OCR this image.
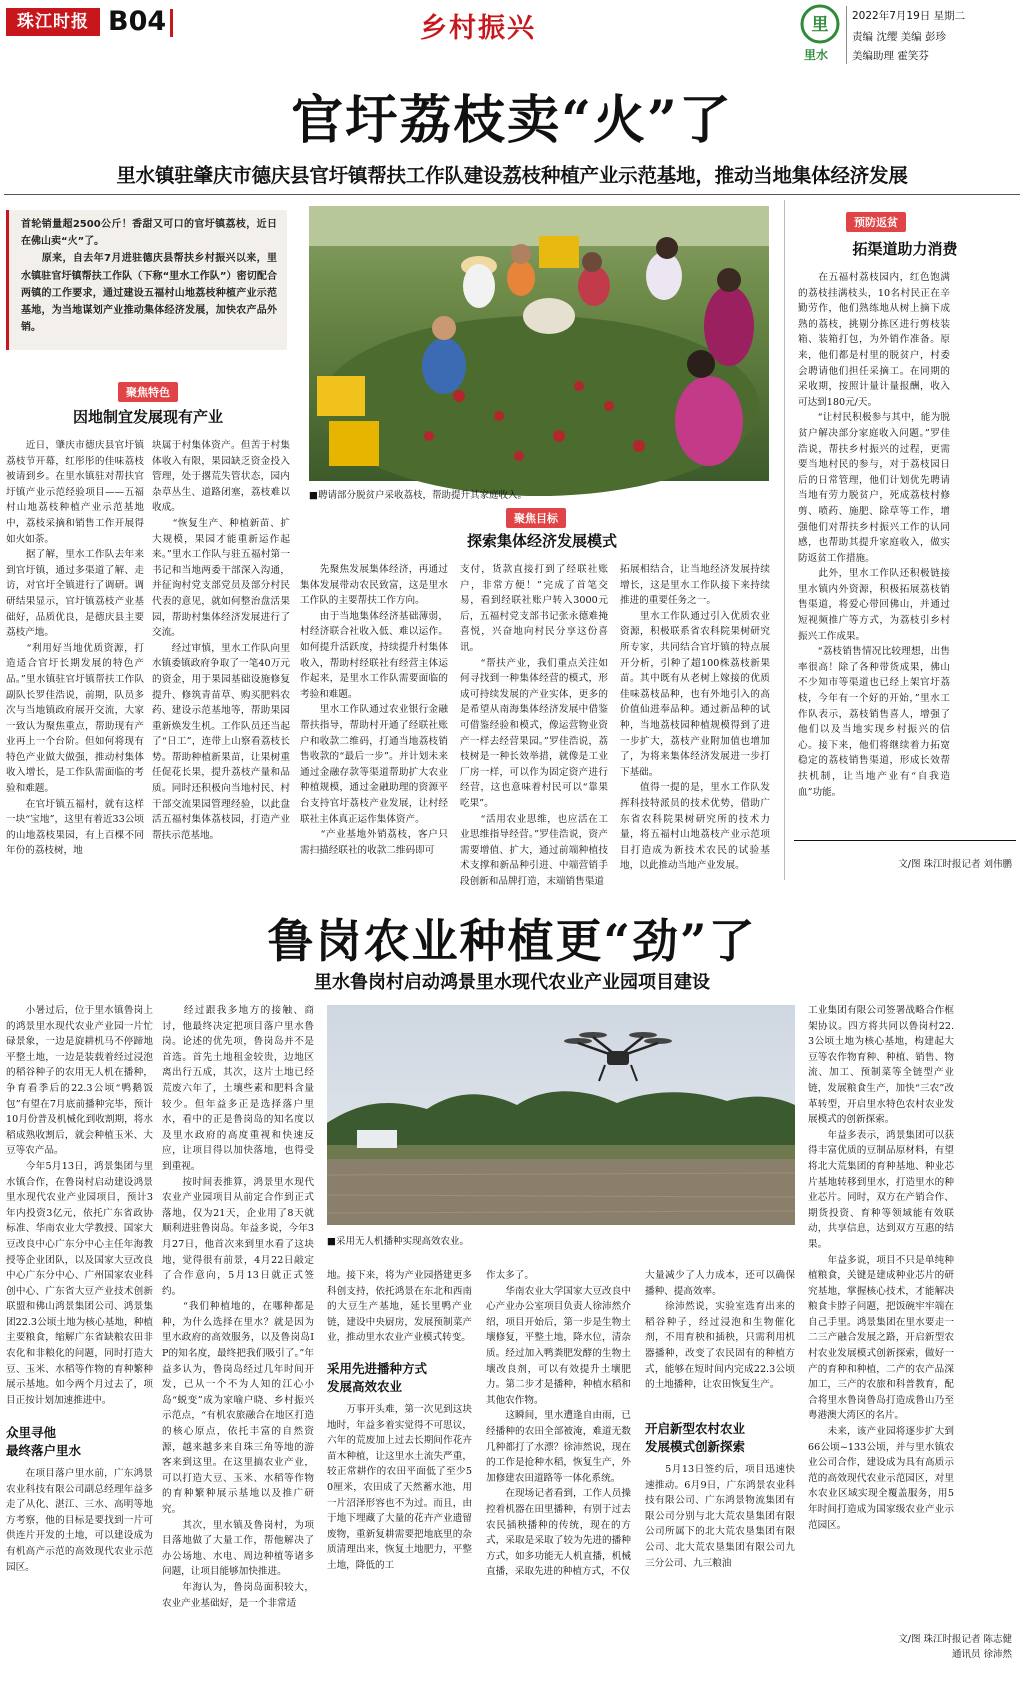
珠江时报 B04	乡村振兴	里
里水
2022年7月19日 星期二
责编 沈缨 美编 彭珍
美编助理 霍笑芬
官圩荔枝卖“火”了
里水镇驻肇庆市德庆县官圩镇帮扶工作队建设荔枝种植产业示范基地，推动当地集体经济发展
首轮销量超2500公斤！香甜又可口的官圩镇荔枝，近日在佛山卖“火”了。
　　原来，自去年7月进驻德庆县帮扶乡村振兴以来，里水镇驻官圩镇帮扶工作队（下称“里水工作队”）密切配合两镇的工作要求，通过建设五福村山地荔枝种植产业示范基地，为当地谋划产业推动集体经济发展，加快农产品外销。
■聘请部分脱贫户采收荔枝，帮助提升其家庭收入。
聚焦特色
因地制宜发展现有产业
　　近日，肇庆市德庆县官圩镇荔枝节开幕，红彤彤的佳味荔枝被请到乡。在里水镇驻对帮扶官圩镇产业示范经验项目——五福村山地荔枝种植产业示范基地中，荔枝采摘和销售工作开展得如火如荼。
　　据了解，里水工作队去年来到官圩镇，通过多渠道了解、走访，对官圩全镇进行了调研。调研结果显示，官圩镇荔枝产业基础好，品质优良，是德庆县主要荔枝产地。
　　“利用好当地优质资源，打造适合官圩长期发展的特色产品。”里水镇驻官圩镇帮扶工作队副队长罗佳浩说，前期，队员多次与当地镇政府展开交流，大家一致认为聚焦重点，帮助现有产业再上一个台阶。但如何将现有特色产业做大做强，推动村集体收入增长，是工作队需面临的考验和难题。
　　在官圩镇五福村，就有这样一块“宝地”，这里有着近33公顷的山地荔枝果园，有上百棵不同年份的荔枝树，地
块属于村集体资产。但苦于村集体收入有限，果园缺乏资金投入管理，处于撂荒失管状态，园内杂草丛生、道路闭塞，荔枝难以收成。
　　“恢复生产、种植新苗、扩大规模，果园才能重新运作起来。”里水工作队与驻五福村第一书记和当地两委干部深入沟通，并征询村党支部党员及部分村民代表的意见，就如何整治盘活果园，帮助村集体经济发展进行了交流。
　　经过审慎，里水工作队向里水镇委镇政府争取了一笔40万元的资金，用于果园基础设施修复提升、修筑青苗草、购买肥料农药、建设示范基地等，帮助果园重新焕发生机。工作队员还当起了“日工”，连带上山察看荔枝长势。帮助种植新果苗，让果树重任促花长果，提升荔枝产量和品质。同时还积极向当地村民、村干部交流果园管理经验，以此盘活五福村集体荔枝园，打造产业帮扶示范基地。
聚焦目标
探索集体经济发展模式
　　先聚焦发展集体经济，再通过集体发展带动农民致富，这是里水工作队的主要帮扶工作方向。
　　由于当地集体经济基础薄弱，村经济联合社收入低、难以运作。如何提升活跃度，持续提升村集体收入，帮助村经联社有经营主体运作起来，是里水工作队需要面临的考验和难题。
　　里水工作队通过农业银行金融帮扶指导，帮助村开通了经联社账户和收款二维码，打通当地荔枝销售收款的“最后一步”。并计划未来通过金融存款等渠道帮助扩大农业种植规模，通过金融助理的资源平台支持官圩荔枝产业发展，让村经联社主体真正运作集体资产。
　　“产业基地外销荔枝，客户只需扫描经联社的收款二维码即可
支付，货款直接打到了经联社账户，非常方便！”完成了首笔交易，看到经联社账户转入3000元后，五福村党支部书记张永德难掩喜悦，兴奋地向村民分享这份喜讯。
　　“帮扶产业，我们重点关注如何寻找到一种集体经营的模式，形成可持续发展的产业实体，更多的是希望从南海集体经济发展中借鉴可借鉴经验和模式，像运营物业资产一样去经营果园。”罗佳浩说，荔枝树是一种长效举措，就像是工业厂房一样，可以作为固定资产进行经营，这也意味着村民可以“靠果吃果”。
　　“活用农业思维，也应活在工业思维指导经营。”罗佳浩说，资产需要增值、扩大，通过前端种植技术支撑和新品种引进、中端营销手段创新和品牌打造，末端销售渠道
拓展相结合，让当地经济发展持续增长，这是里水工作队接下来持续推进的重要任务之一。
　　里水工作队通过引入优质农业资源，积极联系省农科院果树研究所专家，共同结合官圩镇的特点展开分析，引种了超100株荔枝新果苗。其中既有从老树上嫁接的优质佳味荔枝品种，也有外地引入的高价值仙进奉品种。通过新品种的试种，当地荔枝园种植规模得到了进一步扩大，荔枝产业附加值也增加了，为将来集体经济发展进一步打下基础。
　　值得一提的是，里水工作队发挥科技特派员的技术优势，借助广东省农科院果树研究所的技术力量，将五福村山地荔枝产业示范项目打造成为新技术农民的试验基地，以此推动当地产业发展。
预防返贫
拓渠道助力消费
　　在五福村荔枝园内，红色饱满的荔枝挂满枝头，10名村民正在辛勤劳作，他们熟练地从树上摘下成熟的荔枝，挑剔分拣区进行剪枝装箱、装箱打包，为外销作准备。原来，他们都是村里的脱贫户，村委会聘请他们担任采摘工。在同期的采收期，按照计量计量报酬，收入可达到180元/天。
　　“让村民积极参与其中，能为脱贫户解决部分家庭收入问题。”罗佳浩说，帮扶乡村振兴的过程，更需要当地村民的参与，对于荔枝园日后的日常管理，他们计划优先聘请当地有劳力脱贫户，死成荔枝村修剪、喷药、施肥、除草等工作，增强他们对帮扶乡村振兴工作的认同感，也帮助其提升家庭收入，做实防返贫工作措施。
　　此外，里水工作队还积极链接里水镇内外资源，积极拓展荔枝销售渠道，将爱心带回佛山，并通过短视频推广等方式，为荔枝引乡村振兴工作成果。
　　“荔枝销售情况比较理想，出售率很高！除了各种带货成果，佛山不少知市等渠道也已经上架官圩荔枝，今年有一个好的开始，”里水工作队表示，荔枝销售喜人，增强了他们以及当地实现乡村振兴的信心。接下来，他们将继续着力拓宽稳定的荔枝销售渠道，形成长效帮扶机制，让当地产业有“自我造血”功能。
文/图 珠江时报记者 刘伟鹏
鲁岗农业种植更“劲”了
里水鲁岗村启动鸿景里水现代农业产业园项目建设
■采用无人机播种实现高效农业。
　　小暑过后，位于里水镇鲁岗上的鸿景里水现代农业产业园一片忙碌景象，一边是旋耕机马不停蹄地平整土地，一边是装载着经过浸泡的稻谷种子的农用无人机在播种，争育看季后的22.3公顷“鸭鹅饭包”有望在7月底前播种完毕，预计10月份普及机械化到收割期，将水稻成熟收割后，就会种植玉米、大豆等农产品。
　　今年5月13日，鸿景集团与里水镇合作，在鲁岗村启动建设鸿景里水现代农业产业园项目，预计3年内投资3亿元，依托广东省政协标准、华南农业大学教授、国家大豆改良中心广东分中心主任年海教授等企业团队，以及国家大豆改良中心广东分中心、广州国家农业科创中心、广东省大豆产业技术创新联盟和佛山鸿景集团公司、鸿景集团22.3公顷土地为核心基地，种植主要粮食，缩解广东省缺粮农田非农化和非粮化的问题，同时打造大豆、玉米、水稻等作物的育种繁种展示基地。如今两个月过去了，项目正按计划加速推进中。
众里寻他
最终落户里水
　　在项目落户里水前，广东鸿景农业科技有限公司副总经理年益多走了从化、湛江、三水、高明等地方考察，他的目标是要找到一片可供连片开发的土地，可以建设成为有机高产示范的高效现代农业示范园区。
　　经过跟我多地方的接触、商讨，他最终决定把项目落户里水鲁岗。论述的优先项，鲁岗岛并不是首选。首先土地租金较贵，边地区离出行五成，其次，这片土地已经荒废六年了，土壤些素和肥料含量较少。但年益多正是选择落户里水，看中的正是鲁岗岛的知名度以及里水政府的高度重视和快速反应，让项目得以加快落地，也得受到重视。
　　按时间表推算，鸿景里水现代农业产业园项目从前定合作到正式落地，仅为21天，企业用了8天就顺利进驻鲁岗岛。年益多说，今年3月27日，他首次来到里水看了这块地，觉得很有前景，4月22日敲定了合作意向，5月13日就正式签约。
　　“我们种植地的，在哪种都是种，为什么选择在里水？就是因为里水政府的高效服务，以及鲁岗岛IP的知名度，最终把我们吸引了。”年益多认为，鲁岗岛经过几年时间开发，已从一个不为人知的江心小岛“蜕变”成为家喻户晓、乡村振兴示范点，“有机农旅融合在地区打造的核心原点，依托丰富的自然资源，越来越多来自珠三角等地的游客来到这里。在这里搞农业产业，可以打造大豆、玉米、水稻等作物的育种繁种展示基地以及推广研究。
　　其次，里水镇及鲁岗村，为项目落地做了大量工作，帮他解决了办公场地、水电、周边种植等诸多问题，让项目能够加快推进。
　　年海认为，鲁岗岛面积较大，农业产业基础好，是一个非常适
地。接下来，将为产业园搭建更多科创支持，依托鸿景在东北和西南的大豆生产基地，延长里鸭产业链，建设中央厨房，发展预制菜产业，推动里水农业产业模式转变。
采用先进播种方式
发展高效农业
　　万事开头难，第一次见到这块地时，年益多着实觉得不可思议，六年的荒废加上过去长期间作花卉苗木种植，让这里水土流失严重，较正常耕作的农田平面低了至少50厘米，农田成了天然蓄水池，用一片沼泽形容也不为过。而且，由于地下埋藏了大量的花卉产业遗留废物，重新复耕需要把地底里的杂质清理出来，恢复土地肥力，平整土地，降低的工
作太多了。
　　华南农业大学国家大豆改良中心产业办公室项目负责人徐沛然介绍，项目开始后，第一步是生物土壤修复，平整土地，降水位，清杂质。经过加入鸭粪肥发酵的生物土壤改良剂，可以有效提升土壤肥力。第二步才是播种，种植水稻和其他农作物。
　　这瞬间，里水遭逢自由雨，已经播种的农田全部被淹，难道无数几种都打了水漂？徐沛然说，现在的工作是抢种水稻，恢复生产，外加修建农田道路等一体化系统。
　　在现场记者看到，工作人员操控着机器在田里播种，有别于过去农民插秧播种的传统，现在的方式，采取是采取了较为先进的播种方式，如多功能无人机直播，机械直播，采取先进的种植方式，不仅
大量减少了人力成本，还可以确保播种、提高效率。
　　徐沛然说，实验室选育出来的稻谷种子，经过浸泡和生物催化剂，不用育秧和插秧，只需利用机器播种，改变了农民固有的种植方式，能够在短时间内完成22.3公顷的土地播种，让农田恢复生产。
开启新型农村农业
发展模式创新探索
　　5月13日签约后，项目迅速快速推动。6月9日，广东鸿景农业科技有限公司、广东鸿景物流集团有限公司分别与北大荒农垦集团有限公司所属下的北大荒农垦集团有限公司、北大荒农垦集团有限公司九三分公司、九三粮油
工业集团有限公司签署战略合作框架协议。四方将共同以鲁岗村22.3公顷土地为核心基地，构建起大豆等农作物育种、种植、销售、物流、加工、预制菜等全链型产业链，发展粮食生产，加快“三农”改革转型，开启里水特色农村农业发展模式的创新探索。
　　年益多表示，鸿景集团可以获得丰富优质的豆制品原材料，有望将北大荒集团的育种基地、种业芯片基地转移到里水，打造里水的种业芯片。同时，双方在产销合作、期货投资、育种等领域能有效联动，共享信息，达到双方互惠的结果。
　　年益多说，项目不只是单纯种植粮食，关键是建成种业芯片的研究基地，掌握核心技术，才能解决粮食卡脖子问题，把饭碗牢牢端在自己手里。鸿景集团在里水要走一二三产融合发展之路，开启新型农村农业发展模式创新探索，做好一产的育种和种植，二产的农产品深加工，三产的农旅和科普教育，配合将里水鲁岗鲁岛打造成鲁山乃至粤港澳大湾区的名片。
　　未来，该产业园将逐步扩大到66公顷~133公顷，并与里水镇农业公司合作，建设成为具有高质示范的高效现代农业示范园区，对里水农业区域实现全覆盖服务，用5年时间打造成为国家级农业产业示范园区。
文/图 珠江时报记者 陈志健
通讯员 徐沛然
